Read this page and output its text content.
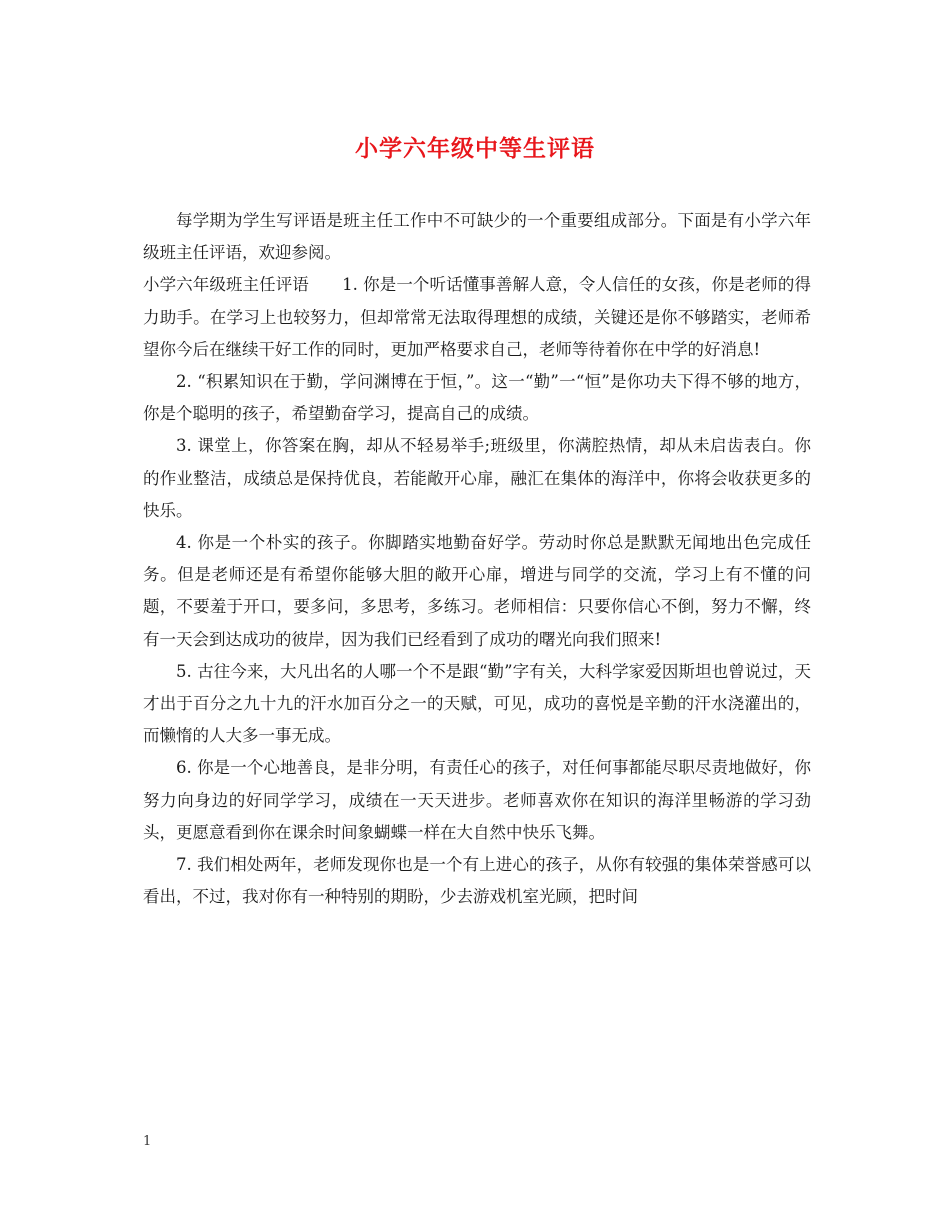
小学六年级中等生评语

每学期为学生写评语是班主任工作中不可缺少的一个重要组成部分。下面是有小学六年级班主任评语，欢迎参阅。

小学六年级班主任评语　　1. 你是一个听话懂事善解人意，令人信任的女孩，你是老师的得力助手。在学习上也较努力，但却常常无法取得理想的成绩，关键还是你不够踏实，老师希望你今后在继续干好工作的同时，更加严格要求自己，老师等待着你在中学的好消息!

2. “积累知识在于勤，学问渊博在于恒，”。这一“勤”一“恒”是你功夫下得不够的地方，你是个聪明的孩子，希望勤奋学习，提高自己的成绩。

3. 课堂上，你答案在胸，却从不轻易举手;班级里，你满腔热情，却从未启齿表白。你的作业整洁，成绩总是保持优良，若能敞开心扉，融汇在集体的海洋中，你将会收获更多的快乐。

4. 你是一个朴实的孩子。你脚踏实地勤奋好学。劳动时你总是默默无闻地出色完成任务。但是老师还是有希望你能够大胆的敞开心扉，增进与同学的交流，学习上有不懂的问题，不要羞于开口，要多问，多思考，多练习。老师相信：只要你信心不倒，努力不懈，终有一天会到达成功的彼岸，因为我们已经看到了成功的曙光向我们照来!

5. 古往今来，大凡出名的人哪一个不是跟“勤”字有关，大科学家爱因斯坦也曾说过，天才出于百分之九十九的汗水加百分之一的天赋，可见，成功的喜悦是辛勤的汗水浇灌出的，而懒惰的人大多一事无成。

6. 你是一个心地善良，是非分明，有责任心的孩子，对任何事都能尽职尽责地做好，你努力向身边的好同学学习，成绩在一天天进步。老师喜欢你在知识的海洋里畅游的学习劲头，更愿意看到你在课余时间象蝴蝶一样在大自然中快乐飞舞。

7. 我们相处两年，老师发现你也是一个有上进心的孩子，从你有较强的集体荣誉感可以看出，不过，我对你有一种特别的期盼，少去游戏机室光顾，把时间

1
